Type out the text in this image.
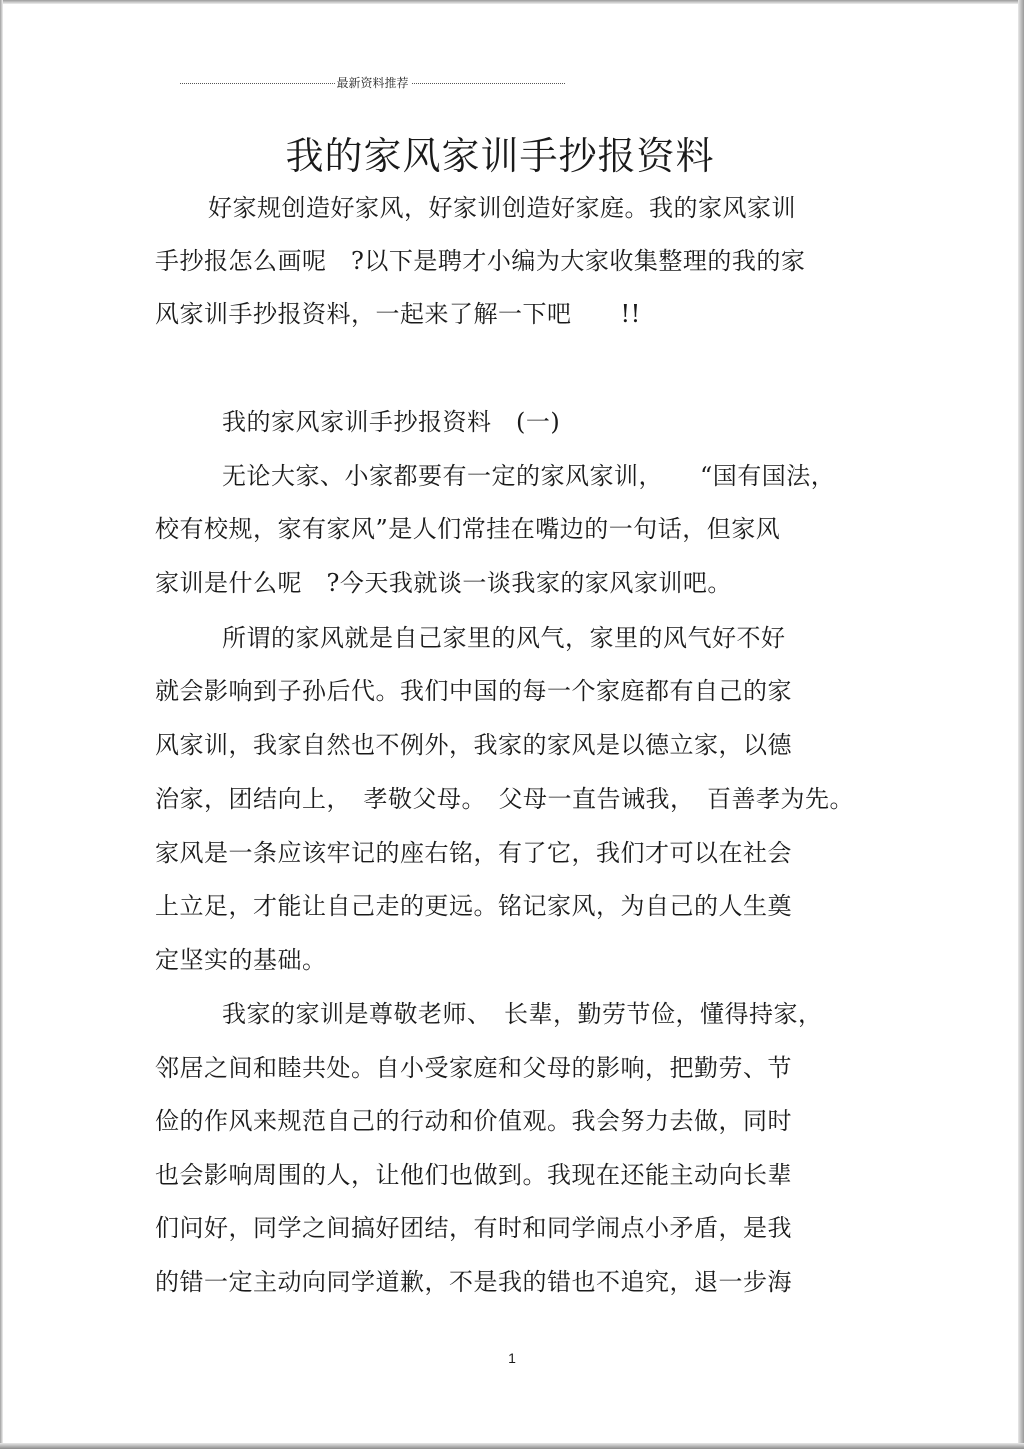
最新资料推荐
我的家风家训手抄报资料
好家规创造好家风，好家训创造好家庭。我的家风家训
手抄报怎么画呢　?以下是聘才小编为大家收集整理的我的家
风家训手抄报资料，一起来了解一下吧　　!!
我的家风家训手抄报资料　(一)
无论大家、小家都要有一定的家风家训，　　“国有国法，
校有校规，家有家风”是人们常挂在嘴边的一句话，但家风
家训是什么呢　?今天我就谈一谈我家的家风家训吧。
所谓的家风就是自己家里的风气，家里的风气好不好
就会影响到子孙后代。我们中国的每一个家庭都有自己的家
风家训，我家自然也不例外，我家的家风是以德立家，以德
治家，团结向上，　孝敬父母。　父母一直告诫我，　百善孝为先。
家风是一条应该牢记的座右铭，有了它，我们才可以在社会
上立足，才能让自己走的更远。铭记家风，为自己的人生奠
定坚实的基础。
我家的家训是尊敬老师、　长辈，勤劳节俭，懂得持家，
邻居之间和睦共处。自小受家庭和父母的影响，把勤劳、节
俭的作风来规范自己的行动和价值观。我会努力去做，同时
也会影响周围的人，让他们也做到。我现在还能主动向长辈
们问好，同学之间搞好团结，有时和同学闹点小矛盾，是我
的错一定主动向同学道歉，不是我的错也不追究，退一步海
1
